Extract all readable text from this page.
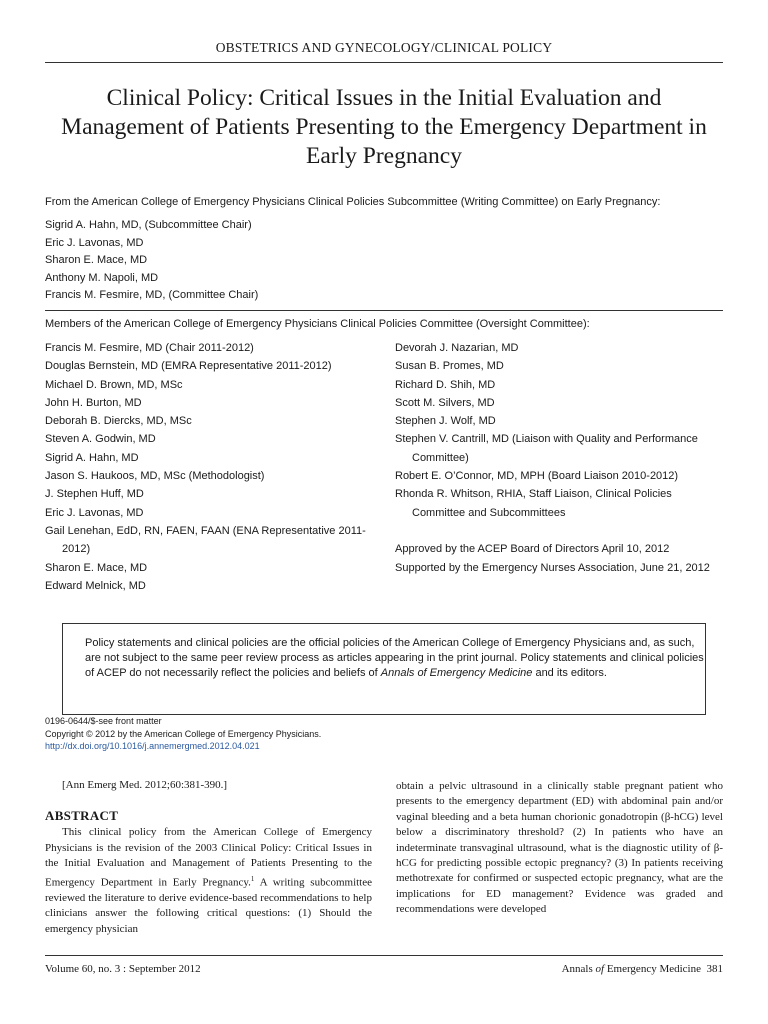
OBSTETRICS AND GYNECOLOGY/CLINICAL POLICY
Clinical Policy: Critical Issues in the Initial Evaluation and Management of Patients Presenting to the Emergency Department in Early Pregnancy
From the American College of Emergency Physicians Clinical Policies Subcommittee (Writing Committee) on Early Pregnancy:
Sigrid A. Hahn, MD, (Subcommittee Chair)
Eric J. Lavonas, MD
Sharon E. Mace, MD
Anthony M. Napoli, MD
Francis M. Fesmire, MD, (Committee Chair)
Members of the American College of Emergency Physicians Clinical Policies Committee (Oversight Committee):
Francis M. Fesmire, MD (Chair 2011-2012)
Douglas Bernstein, MD (EMRA Representative 2011-2012)
Michael D. Brown, MD, MSc
John H. Burton, MD
Deborah B. Diercks, MD, MSc
Steven A. Godwin, MD
Sigrid A. Hahn, MD
Jason S. Haukoos, MD, MSc (Methodologist)
J. Stephen Huff, MD
Eric J. Lavonas, MD
Gail Lenehan, EdD, RN, FAEN, FAAN (ENA Representative 2011-2012)
Sharon E. Mace, MD
Edward Melnick, MD
Devorah J. Nazarian, MD
Susan B. Promes, MD
Richard D. Shih, MD
Scott M. Silvers, MD
Stephen J. Wolf, MD
Stephen V. Cantrill, MD (Liaison with Quality and Performance Committee)
Robert E. O’Connor, MD, MPH (Board Liaison 2010-2012)
Rhonda R. Whitson, RHIA, Staff Liaison, Clinical Policies Committee and Subcommittees
Approved by the ACEP Board of Directors April 10, 2012
Supported by the Emergency Nurses Association, June 21, 2012
Policy statements and clinical policies are the official policies of the American College of Emergency Physicians and, as such, are not subject to the same peer review process as articles appearing in the print journal. Policy statements and clinical policies of ACEP do not necessarily reflect the policies and beliefs of Annals of Emergency Medicine and its editors.
0196-0644/$-see front matter
Copyright © 2012 by the American College of Emergency Physicians.
http://dx.doi.org/10.1016/j.annemergmed.2012.04.021
[Ann Emerg Med. 2012;60:381-390.]
ABSTRACT

This clinical policy from the American College of Emergency Physicians is the revision of the 2003 Clinical Policy: Critical Issues in the Initial Evaluation and Management of Patients Presenting to the Emergency Department in Early Pregnancy.$^1$ A writing subcommittee reviewed the literature to derive evidence-based recommendations to help clinicians answer the following critical questions: (1) Should the emergency physician

obtain a pelvic ultrasound in a clinically stable pregnant patient who presents to the emergency department (ED) with abdominal pain and/or vaginal bleeding and a beta human chorionic gonadotropin (β-hCG) level below a discriminatory threshold? (2) In patients who have an indeterminate transvaginal ultrasound, what is the diagnostic utility of β-hCG for predicting possible ectopic pregnancy? (3) In patients receiving methotrexate for confirmed or suspected ectopic pregnancy, what are the implications for ED management? Evidence was graded and recommendations were developed

Volume 60, no. 3 : September 2012	Annals of Emergency Medicine 381
